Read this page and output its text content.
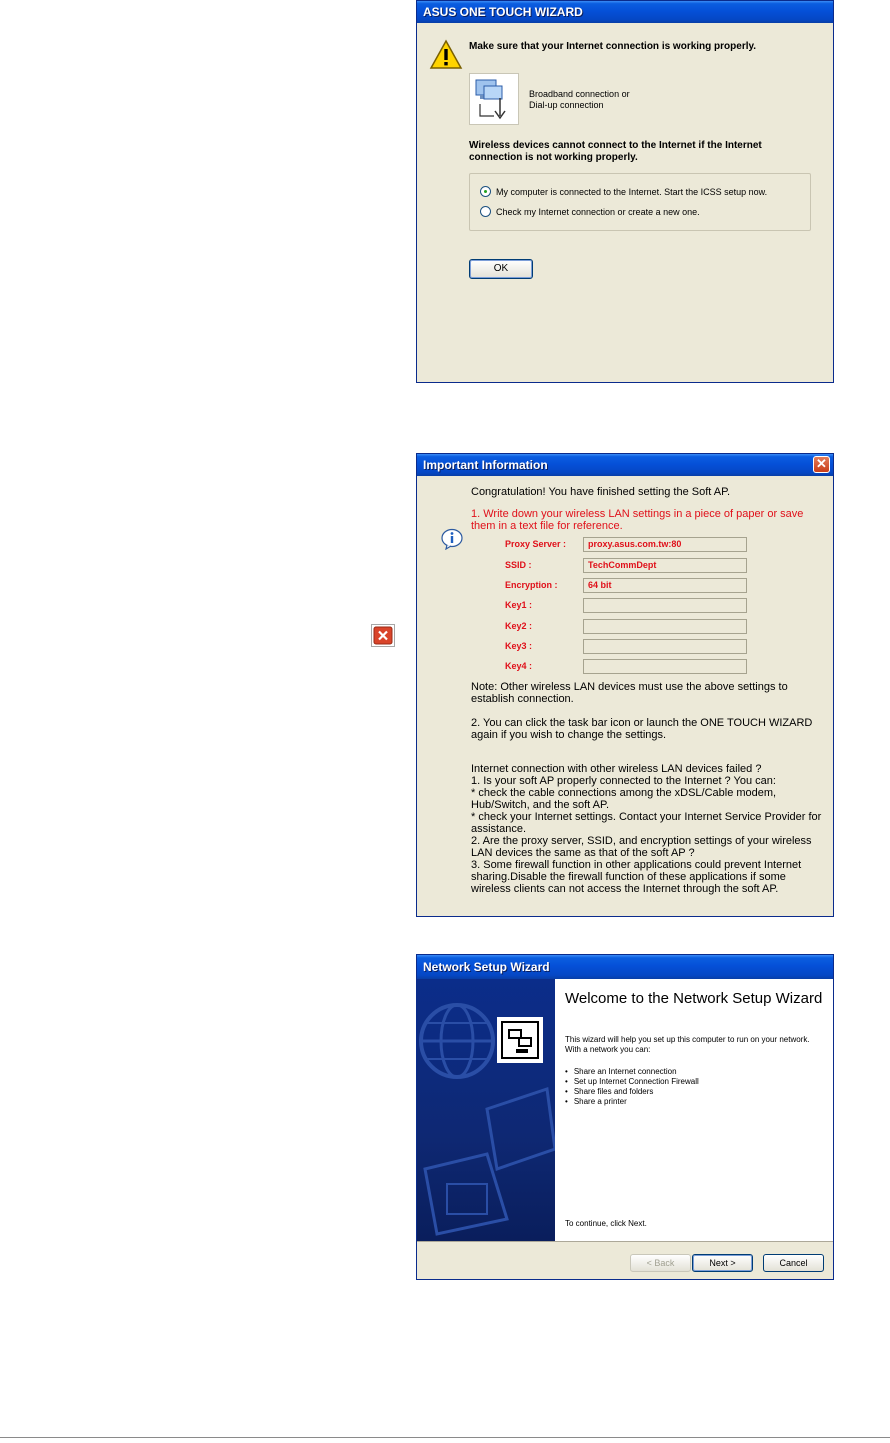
ASUS ONE TOUCH WIZARD
Make sure that your Internet connection is working properly.
Broadband connection or
Dial-up connection
Wireless devices cannot connect to the Internet if the Internet connection is not working properly.
My computer is connected to the Internet. Start the ICSS setup now.
Check my Internet connection or create a new one.
OK
Important Information	✕
Congratulation! You have finished setting the Soft AP.
1. Write down your wireless LAN settings in a piece of paper or save them in a text file for reference.
Proxy Server :	proxy.asus.com.tw:80
SSID :	TechCommDept
Encryption :	64 bit
Key1 :
Key2 :
Key3 :
Key4 :
Note: Other wireless LAN devices must use the above settings to establish connection.
2. You can click the task bar icon or launch the ONE TOUCH WIZARD again if you wish to change the settings.
Internet connection with other wireless LAN devices failed ?
1. Is your soft AP properly connected to the Internet ? You can:
* check the cable connections among the xDSL/Cable modem, Hub/Switch, and the soft AP.
* check your Internet settings. Contact your Internet Service Provider for assistance.
2. Are the proxy server, SSID, and encryption settings of your wireless LAN devices the same as that of the soft AP ?
3. Some firewall function in other applications could prevent Internet sharing.Disable the firewall function of these applications if some wireless clients can not access the Internet through the soft AP.
Network Setup Wizard
Welcome to the Network Setup Wizard
This wizard will help you set up this computer to run on your network. With a network you can:
• Share an Internet connection
• Set up Internet Connection Firewall
• Share files and folders
• Share a printer
To continue, click Next.
< Back	Next >	Cancel
